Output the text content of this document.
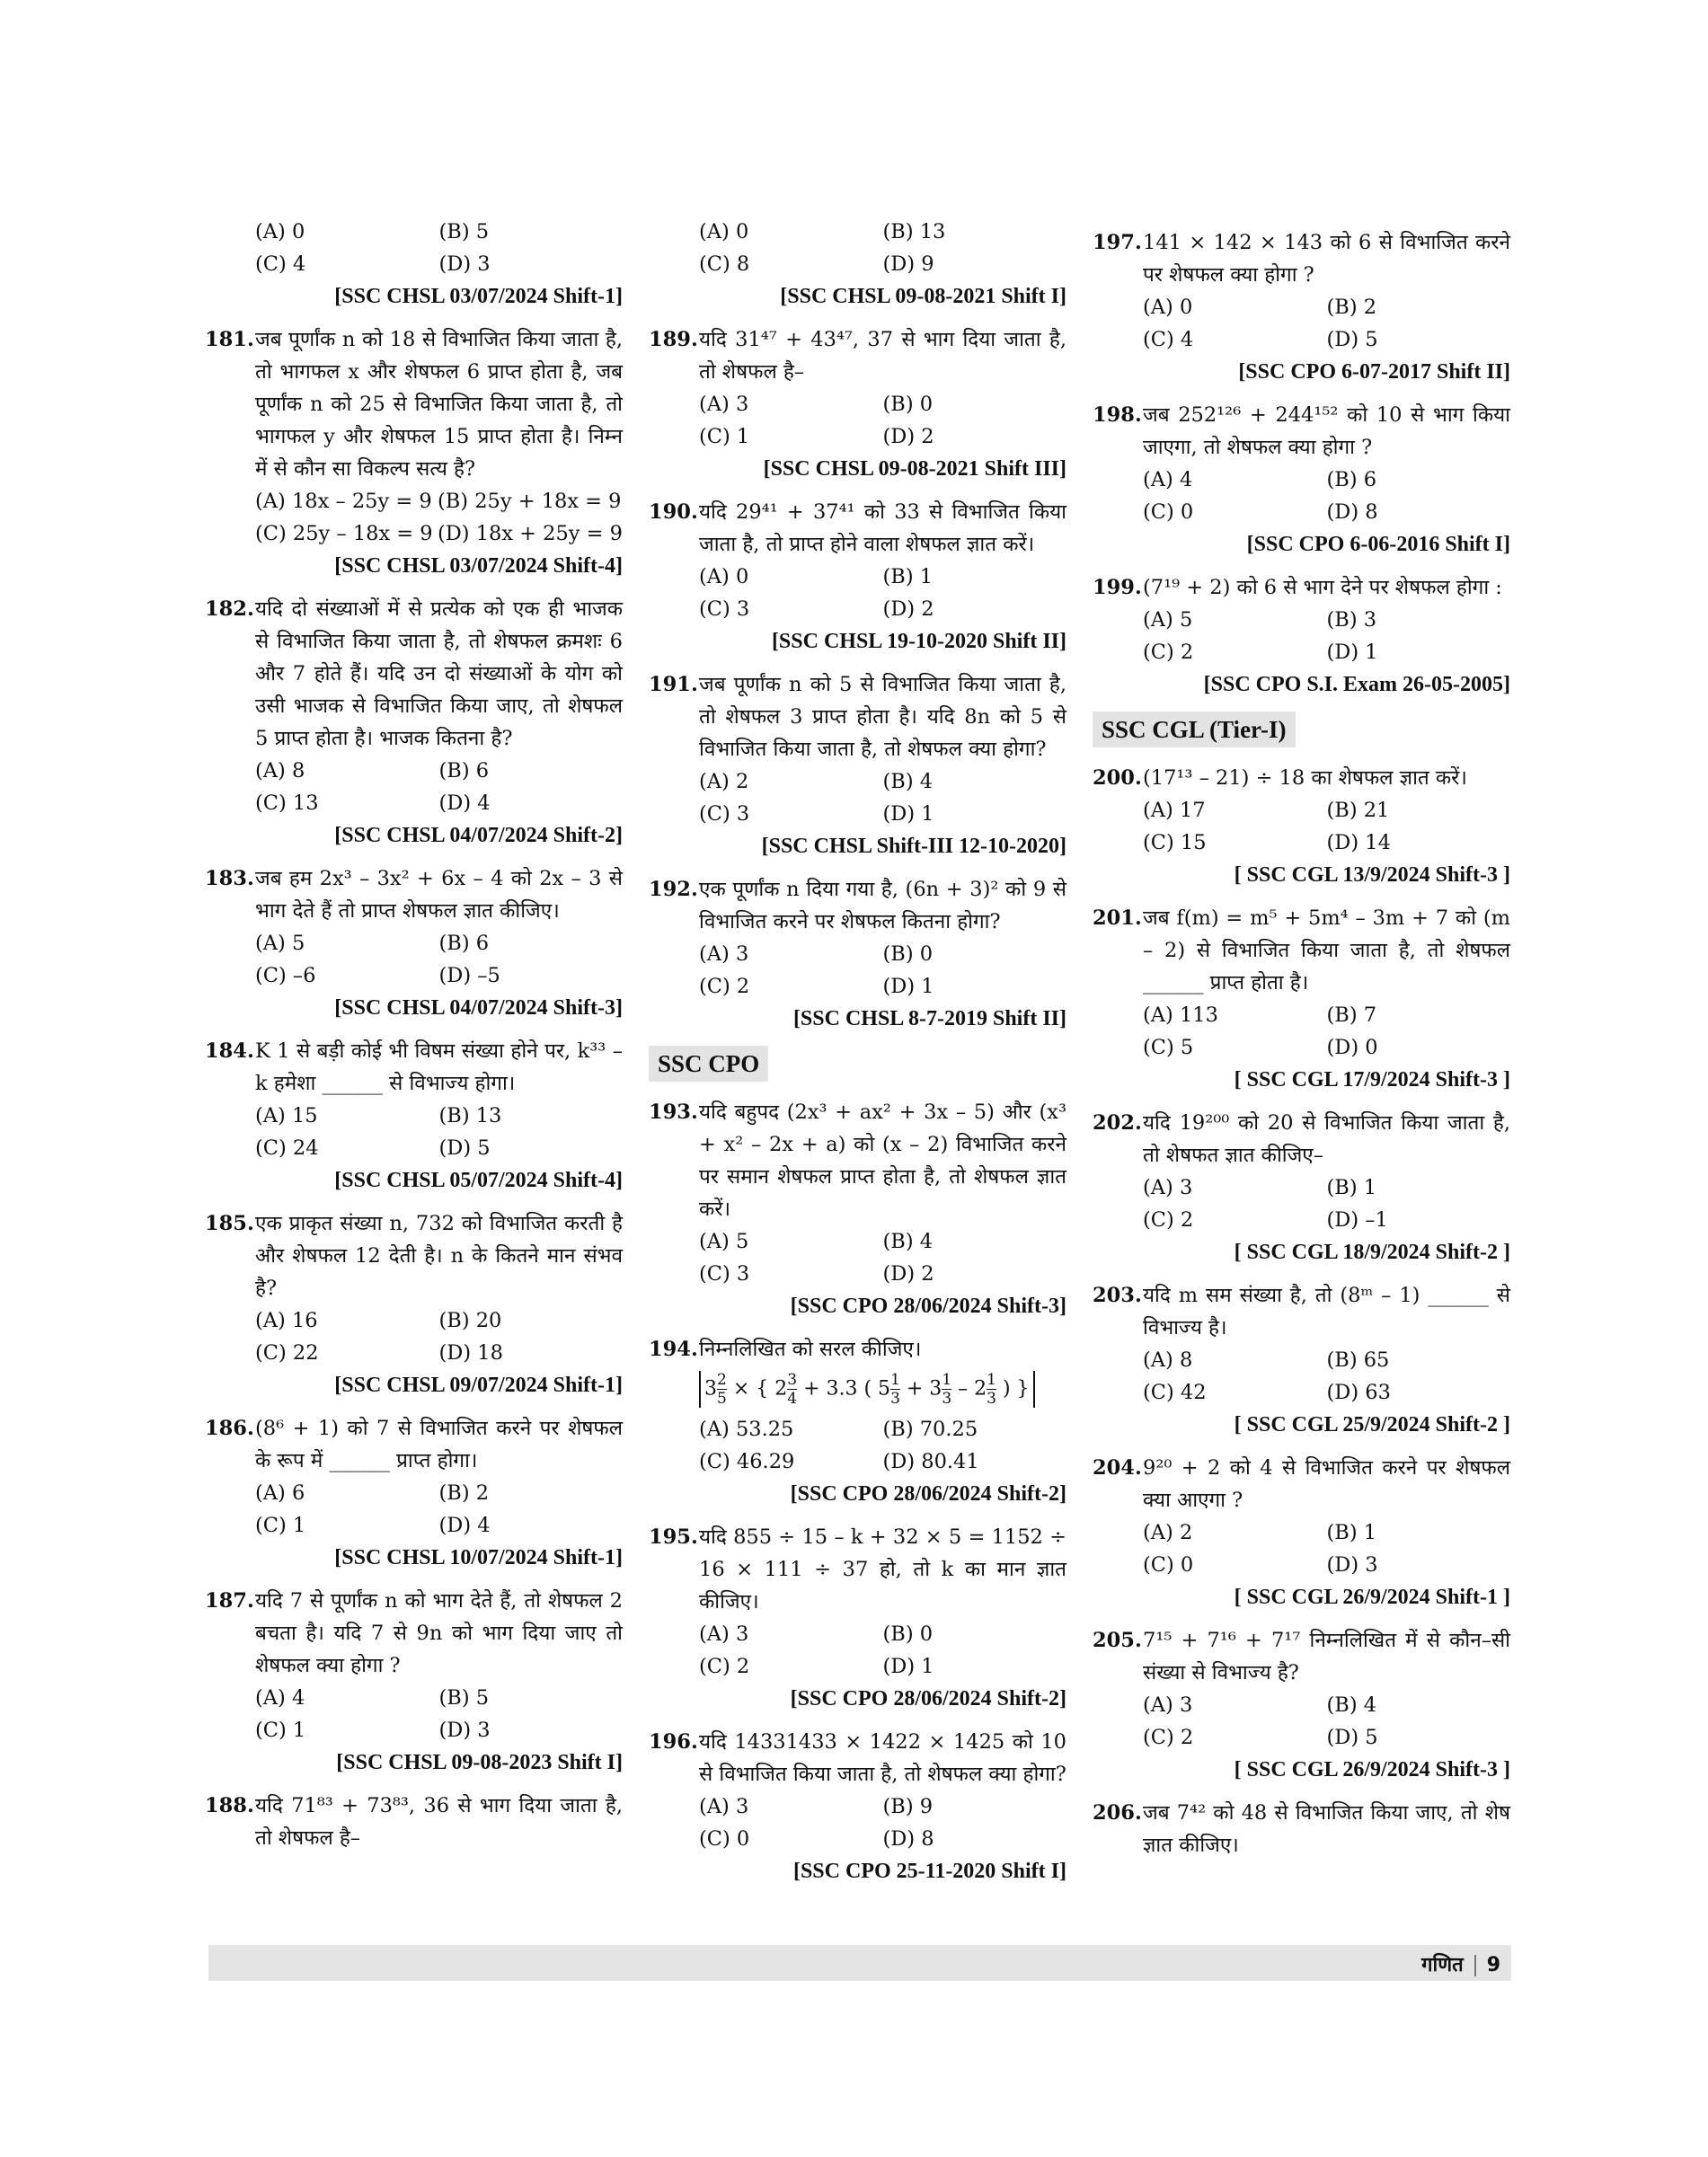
(A) 0	(B) 5
(C) 4	(D) 3
[SSC CHSL 03/07/2024 Shift-1]
181. जब पूर्णांक n को 18 से विभाजित किया जाता है, तो भागफल x और शेषफल 6 प्राप्त होता है, जब पूर्णांक n को 25 से विभाजित किया जाता है, तो भागफल y और शेषफल 15 प्राप्त होता है। निम्न में से कौन सा विकल्प सत्य है?
(A) 18x – 25y = 9 (B) 25y + 18x = 9
(C) 25y – 18x = 9 (D) 18x + 25y = 9
[SSC CHSL 03/07/2024 Shift-4]
182. यदि दो संख्याओं में से प्रत्येक को एक ही भाजक से विभाजित किया जाता है, तो शेषफल क्रमशः 6 और 7 होते हैं। यदि उन दो संख्याओं के योग को उसी भाजक से विभाजित किया जाए, तो शेषफल 5 प्राप्त होता है। भाजक कितना है?
(A) 8	(B) 6
(C) 13	(D) 4
[SSC CHSL 04/07/2024 Shift-2]
183. जब हम 2x³ – 3x² + 6x – 4 को 2x – 3 से भाग देते हैं तो प्राप्त शेषफल ज्ञात कीजिए।
(A) 5	(B) 6
(C) –6	(D) –5
[SSC CHSL 04/07/2024 Shift-3]
184. K 1 से बड़ी कोई भी विषम संख्या होने पर, k³³ – k हमेशा ______ से विभाज्य होगा।
(A) 15	(B) 13
(C) 24	(D) 5
[SSC CHSL 05/07/2024 Shift-4]
185. एक प्राकृत संख्या n, 732 को विभाजित करती है और शेषफल 12 देती है। n के कितने मान संभव है?
(A) 16	(B) 20
(C) 22	(D) 18
[SSC CHSL 09/07/2024 Shift-1]
186. (8⁶ + 1) को 7 से विभाजित करने पर शेषफल के रूप में ______ प्राप्त होगा।
(A) 6	(B) 2
(C) 1	(D) 4
[SSC CHSL 10/07/2024 Shift-1]
187. यदि 7 से पूर्णांक n को भाग देते हैं, तो शेषफल 2 बचता है। यदि 7 से 9n को भाग दिया जाए तो शेषफल क्या होगा ?
(A) 4	(B) 5
(C) 1	(D) 3
[SSC CHSL 09-08-2023 Shift I]
188. यदि 71⁸³ + 73⁸³, 36 से भाग दिया जाता है, तो शेषफल है–
(A) 0	(B) 13
(C) 8	(D) 9
[SSC CHSL 09-08-2021 Shift I]
189. यदि 31⁴⁷ + 43⁴⁷, 37 से भाग दिया जाता है, तो शेषफल है–
(A) 3	(B) 0
(C) 1	(D) 2
[SSC CHSL 09-08-2021 Shift III]
190. यदि 29⁴¹ + 37⁴¹ को 33 से विभाजित किया जाता है, तो प्राप्त होने वाला शेषफल ज्ञात करें।
(A) 0	(B) 1
(C) 3	(D) 2
[SSC CHSL 19-10-2020 Shift II]
191. जब पूर्णांक n को 5 से विभाजित किया जाता है, तो शेषफल 3 प्राप्त होता है। यदि 8n को 5 से विभाजित किया जाता है, तो शेषफल क्या होगा?
(A) 2	(B) 4
(C) 3	(D) 1
[SSC CHSL Shift-III 12-10-2020]
192. एक पूर्णांक n दिया गया है, (6n + 3)² को 9 से विभाजित करने पर शेषफल कितना होगा?
(A) 3	(B) 0
(C) 2	(D) 1
[SSC CHSL 8-7-2019 Shift II]
SSC CPO
193. यदि बहुपद (2x³ + ax² + 3x – 5) और (x³ + x² – 2x + a) को (x – 2) विभाजित करने पर समान शेषफल प्राप्त होता है, तो शेषफल ज्ञात करें।
(A) 5	(B) 4
(C) 3	(D) 2
[SSC CPO 28/06/2024 Shift-3]
194. निम्नलिखित को सरल कीजिए।
$3 \frac{2}{5}$ × { $2 \frac{3}{4} + 3.3$ ( $5 \frac{1}{3} + 3 \frac{1}{3} - 2 \frac{1}{3}$ ) }
(A) 53.25	(B) 70.25
(C) 46.29	(D) 80.41
[SSC CPO 28/06/2024 Shift-2]
195. यदि 855 ÷ 15 – k + 32 × 5 = 1152 ÷ 16 × 111 ÷ 37 हो, तो k का मान ज्ञात कीजिए।
(A) 3	(B) 0
(C) 2	(D) 1
[SSC CPO 28/06/2024 Shift-2]
196. यदि 14331433 × 1422 × 1425 को 10 से विभाजित किया जाता है, तो शेषफल क्या होगा?
(A) 3	(B) 9
(C) 0	(D) 8
[SSC CPO 25-11-2020 Shift I]
197. 141 × 142 × 143 को 6 से विभाजित करने पर शेषफल क्या होगा ?
(A) 0	(B) 2
(C) 4	(D) 5
[SSC CPO 6-07-2017 Shift II]
198. जब 252¹²⁶ + 244¹⁵² को 10 से भाग किया जाएगा, तो शेषफल क्या होगा ?
(A) 4	(B) 6
(C) 0	(D) 8
[SSC CPO 6-06-2016 Shift I]
199. (7¹⁹ + 2) को 6 से भाग देने पर शेषफल होगा :
(A) 5	(B) 3
(C) 2	(D) 1
[SSC CPO S.I. Exam 26-05-2005]
SSC CGL (Tier-I)
200. (17¹³ – 21) ÷ 18 का शेषफल ज्ञात करें।
(A) 17	(B) 21
(C) 15	(D) 14
[ SSC CGL 13/9/2024 Shift-3 ]
201. जब f(m) = m⁵ + 5m⁴ – 3m + 7 को (m – 2) से विभाजित किया जाता है, तो शेषफल ______ प्राप्त होता है।
(A) 113	(B) 7
(C) 5	(D) 0
[ SSC CGL 17/9/2024 Shift-3 ]
202. यदि 19²⁰⁰ को 20 से विभाजित किया जाता है, तो शेषफत ज्ञात कीजिए–
(A) 3	(B) 1
(C) 2	(D) –1
[ SSC CGL 18/9/2024 Shift-2 ]
203. यदि m सम संख्या है, तो (8ᵐ – 1) ______ से विभाज्य है।
(A) 8	(B) 65
(C) 42	(D) 63
[ SSC CGL 25/9/2024 Shift-2 ]
204. 9²⁰ + 2 को 4 से विभाजित करने पर शेषफल क्या आएगा ?
(A) 2	(B) 1
(C) 0	(D) 3
[ SSC CGL 26/9/2024 Shift-1 ]
205. 7¹⁵ + 7¹⁶ + 7¹⁷ निम्नलिखित में से कौन–सी संख्या से विभाज्य है?
(A) 3	(B) 4
(C) 2	(D) 5
[ SSC CGL 26/9/2024 Shift-3 ]
206. जब 7⁴² को 48 से विभाजित किया जाए, तो शेष ज्ञात कीजिए।
गणित 9
